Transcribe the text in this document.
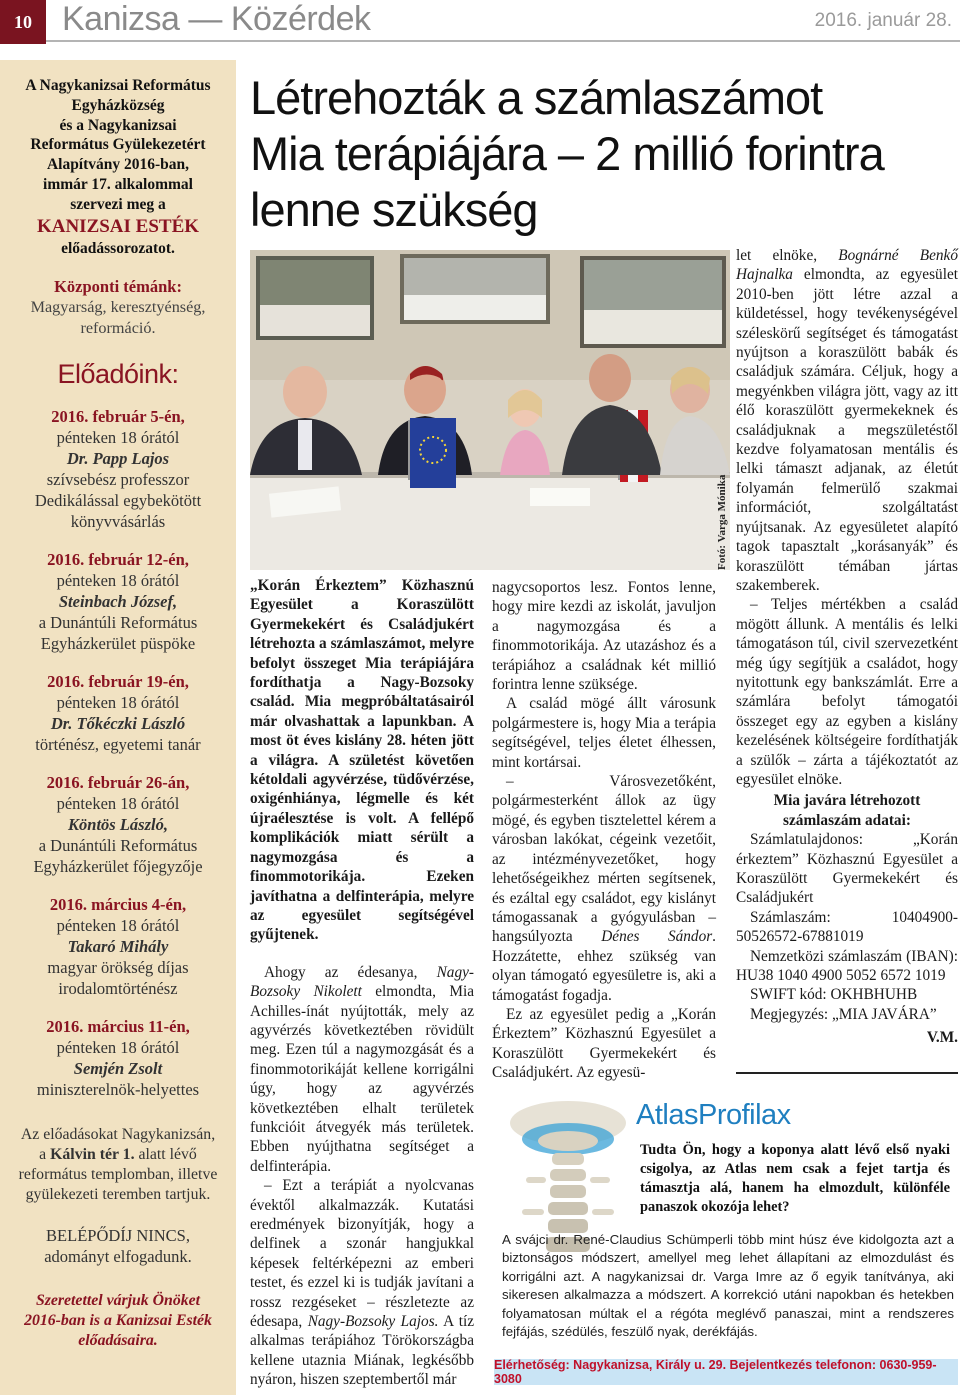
10 Kanizsa — Közérdek	2016. január 28.
A Nagykanizsai Református
Egyházközség
és a Nagykanizsai
Református Gyülekezetért
Alapítvány 2016-ban,
immár 17. alkalommal
szervezi meg a
KANIZSAI ESTÉK
előadássorozatot.
Központi témánk:
Magyarság, keresztyénség,
reformáció.
Előadóink:
2016. február 5-én,
pénteken 18 órától
Dr. Papp Lajos
szívsebész professzor
Dedikálással egybekötött
könyvvásárlás
2016. február 12-én,
pénteken 18 órától
Steinbach József,
a Dunántúli Református
Egyházkerület püspöke
2016. február 19-én,
pénteken 18 órától
Dr. Tőkéczki László
történész, egyetemi tanár
2016. február 26-án,
pénteken 18 órától
Köntös László,
a Dunántúli Református
Egyházkerület főjegyzője
2016. március 4-én,
pénteken 18 órától
Takaró Mihály
magyar örökség díjas
irodalomtörténész
2016. március 11-én,
pénteken 18 órától
Semjén Zsolt
miniszterelnök-helyettes
Az előadásokat Nagykanizsán,
a Kálvin tér 1. alatt lévő
református templomban, illetve
gyülekezeti teremben tartjuk.
BELÉPŐDÍJ NINCS,
adományt elfogadunk.
Szeretettel várjuk Önöket
2016-ban is a Kanizsai Esték
előadásaira.
Létrehozták a számlaszámot
Mia terápiájára – 2 millió forintra
lenne szükség
Fotó: Varga Mónika

„Korán Érkeztem” Közhasznú Egyesület a Koraszülött Gyermekekért és Családjukért létrehozta a számlaszámot, melyre befolyt összeget Mia terápiájára fordíthatja a Nagy-Bozsoky család. Mia megpróbáltatásairól már olvashattak a lapunkban. A most öt éves kislány 28. héten jött a világra. A születést követően kétoldali agyvérzése, tüdővérzése, oxigénhiánya, légmelle és két újraélesztése is volt. A fellépő komplikációk miatt sérült a nagymozgása és a finommotorikája. Ezeken javíthatna a delfinterápia, melyre az egyesület segítségével gyűjtenek.

Ahogy az édesanya, Nagy-Bozsoky Nikolett elmondta, Mia Achilles-ínát nyújtották, mely az agyvérzés következtében rövidült meg. Ezen túl a nagymozgását és a finommotorikáját kellene korrigálni úgy, hogy az agyvérzés következtében elhalt területek funkcióit átvegyék más területek. Ebben nyújthatna segítséget a delfinterápia.

– Ezt a terápiát a nyolcvanas évektől alkalmazzák. Kutatási eredmények bizonyítják, hogy a delfinek a szonár hangjukkal képesek feltérképezni az emberi testet, és ezzel ki is tudják javítani a rossz rezgéseket – részletezte az édesapa, Nagy-Bozsoky Lajos. A tíz alkalmas terápiához Törökországba kellene utaznia Miának, legkésőbb nyáron, hiszen szeptembertől már

nagycsoportos lesz. Fontos lenne, hogy mire kezdi az iskolát, javuljon a nagymozgása és a finommotorikája. Az utazáshoz és a terápiához a családnak két millió forintra lenne szüksége.

A család mögé állt városunk polgármestere is, hogy Mia a terápia segítségével, teljes életet élhessen, mint kortársai.

– Városvezetőként, polgármesterként állok az ügy mögé, és egyben tisztelettel kérem a városban lakókat, cégeink vezetőit, az intézményvezetőket, hogy lehetőségeikhez mérten segítsenek, és ezáltal egy családot, egy kislányt támogassanak a gyógyulásban – hangsúlyozta Dénes Sándor. Hozzátette, ehhez szükség van olyan támogató egyesületre is, aki a támogatást fogadja.

Ez az egyesület pedig a „Korán Érkeztem” Közhasznú Egyesület a Koraszülött Gyermekekért és Családjukért. Az egyesü-

let elnöke, Bognárné Benkő Hajnalka elmondta, az egyesület 2010-ben jött létre azzal a küldetéssel, hogy tevékenységével széleskörű segítséget és támogatást nyújtson a koraszülött babák és családjuk számára. Céljuk, hogy a megyénkben világra jött, vagy az itt élő koraszülött gyermekeknek és családjuknak a megszületéstől kezdve folyamatosan mentális és lelki támaszt adjanak, az életút folyamán felmerülő szakmai információt, szolgáltatást nyújtsanak. Az egyesületet alapító tagok tapasztalt „korásanyák” és koraszülött témában jártas szakemberek.

– Teljes mértékben a család mögött állunk. A mentális és lelki támogatáson túl, civil szervezetként még úgy segítjük a családot, hogy nyitottunk egy bankszámlát. Erre a számlára befolyt támogatói összeget egy az egyben a kislány kezelésének költségeire fordíthatják a szülők – zárta a tájékoztatót az egyesület elnöke.

Mia javára létrehozott számlaszám adatai:

Számlatulajdonos: „Korán érkeztem” Közhasznú Egyesület a Koraszülött Gyermekekért és Családjukért

Számlaszám: 10404900-50526572-67881019

Nemzetközi számlaszám (IBAN): HU38 1040 4900 5052 6572 1019

SWIFT kód: OKHBHUHB

Megjegyzés: „MIA JAVÁRA”

V.M.

AtlasProfilax
Tudta Ön, hogy a koponya alatt lévő első nyaki csigolya, az Atlas nem csak a fejet tartja és támasztja alá, hanem ha elmozdult, különféle panaszok okozója lehet?
A svájci dr. René-Claudius Schümperli több mint húsz éve kidolgozta azt a biztonságos módszert, amellyel meg lehet állapítani az elmozdulást és korrigálni azt. A nagykanizsai dr. Varga Imre az ő egyik tanítványa, aki sikeresen alkalmazza a módszert. A korrekció utáni napokban és hetekben folyamatosan múltak el a régóta meglévő panaszai, mint a rendszeres fejfájás, szédülés, feszülő nyak, derékfájás.
Elérhetőség: Nagykanizsa, Király u. 29. Bejelentkezés telefonon: 0630-959-3080
